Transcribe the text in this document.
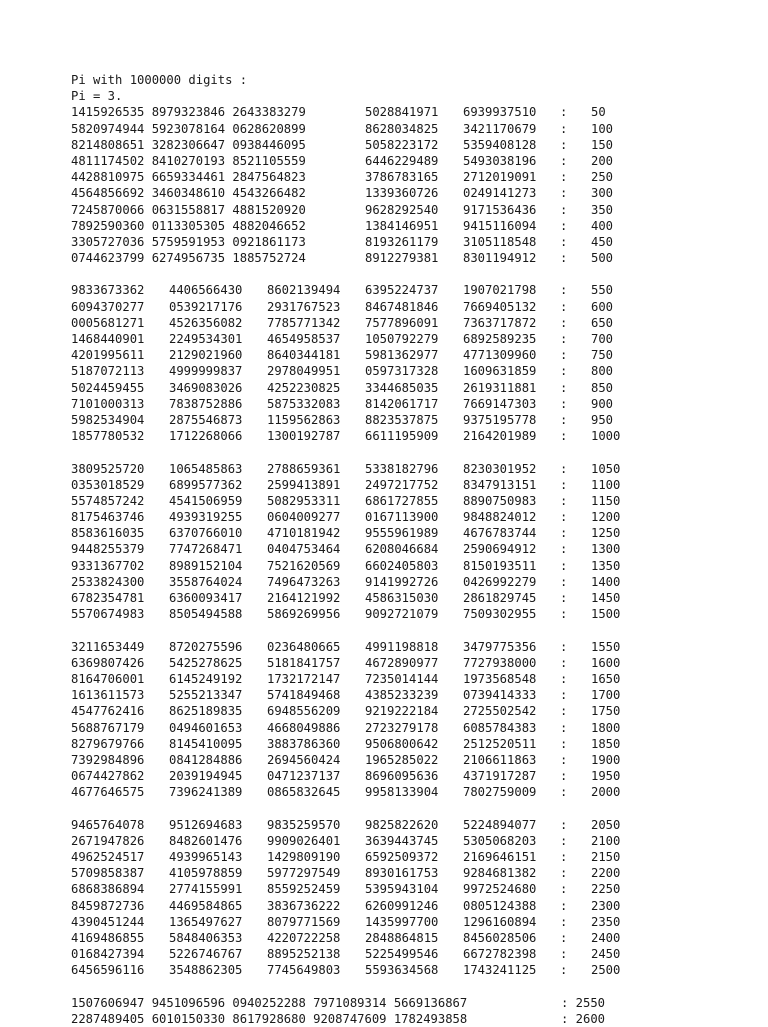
Pi with 1000000 digits :
Pi = 3.
1415926535 8979323846 2643383279	5028841971 6939937510 : 50
5820974944 5923078164 0628620899	8628034825 3421170679 : 100
8214808651 3282306647 0938446095	5058223172 5359408128 : 150
4811174502 8410270193 8521105559	6446229489 5493038196 : 200
4428810975 6659334461 2847564823	3786783165 2712019091 : 250
4564856692 3460348610 4543266482	1339360726 0249141273 : 300
7245870066 0631558817 4881520920	9628292540 9171536436 : 350
7892590360 0113305305 4882046652	1384146951 9415116094 : 400
3305727036 5759591953 0921861173	8193261179 3105118548 : 450
0744623799 6274956735 1885752724	8912279381 8301194912 : 500
9833673362 4406566430 8602139494 6395224737 1907021798 : 550
6094370277 0539217176 2931767523 8467481846 7669405132 : 600
0005681271 4526356082 7785771342 7577896091 7363717872 : 650
1468440901 2249534301 4654958537 1050792279 6892589235 : 700
4201995611 2129021960 8640344181 5981362977 4771309960 : 750
5187072113 4999999837 2978049951 0597317328 1609631859 : 800
5024459455 3469083026 4252230825 3344685035 2619311881 : 850
7101000313 7838752886 5875332083 8142061717 7669147303 : 900
5982534904 2875546873 1159562863 8823537875 9375195778 : 950
1857780532 1712268066 1300192787 6611195909 2164201989 : 1000
3809525720 1065485863 2788659361 5338182796 8230301952 : 1050
0353018529 6899577362 2599413891 2497217752 8347913151 : 1100
5574857242 4541506959 5082953311 6861727855 8890750983 : 1150
8175463746 4939319255 0604009277 0167113900 9848824012 : 1200
8583616035 6370766010 4710181942 9555961989 4676783744 : 1250
9448255379 7747268471 0404753464 6208046684 2590694912 : 1300
9331367702 8989152104 7521620569 6602405803 8150193511 : 1350
2533824300 3558764024 7496473263 9141992726 0426992279 : 1400
6782354781 6360093417 2164121992 4586315030 2861829745 : 1450
5570674983 8505494588 5869269956 9092721079 7509302955 : 1500
3211653449 8720275596 0236480665 4991198818 3479775356 : 1550
6369807426 5425278625 5181841757 4672890977 7727938000 : 1600
8164706001 6145249192 1732172147 7235014144 1973568548 : 1650
1613611573 5255213347 5741849468 4385233239 0739414333 : 1700
4547762416 8625189835 6948556209 9219222184 2725502542 : 1750
5688767179 0494601653 4668049886 2723279178 6085784383 : 1800
8279679766 8145410095 3883786360 9506800642 2512520511 : 1850
7392984896 0841284886 2694560424 1965285022 2106611863 : 1900
0674427862 2039194945 0471237137 8696095636 4371917287 : 1950
4677646575 7396241389 0865832645 9958133904 7802759009 : 2000
9465764078 9512694683 9835259570 9825822620 5224894077 : 2050
2671947826 8482601476 9909026401 3639443745 5305068203 : 2100
4962524517 4939965143 1429809190 6592509372 2169646151 : 2150
5709858387 4105978859 5977297549 8930161753 9284681382 : 2200
6868386894 2774155991 8559252459 5395943104 9972524680 : 2250
8459872736 4469584865 3836736222 6260991246 0805124388 : 2300
4390451244 1365497627 8079771569 1435997700 1296160894 : 2350
4169486855 5848406353 4220722258 2848864815 8456028506 : 2400
0168427394 5226746767 8895252138 5225499546 6672782398 : 2450
6456596116 3548862305 7745649803 5593634568 1743241125 : 2500
1507606947 9451096596 0940252288 7971089314 5669136867	: 2550
2287489405 6010150330 8617928680 9208747609 1782493858	: 2600
